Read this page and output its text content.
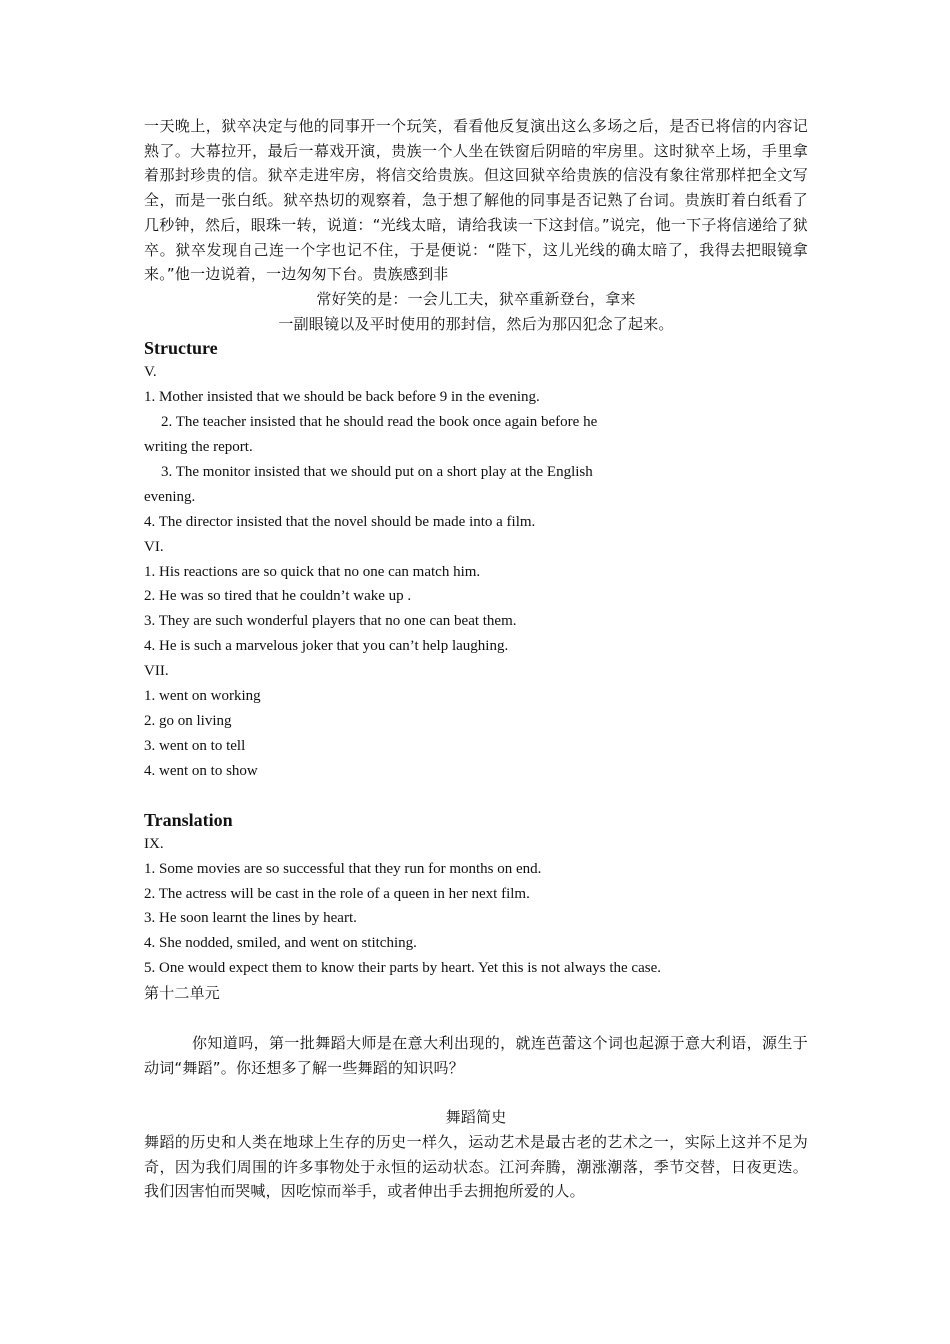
一天晚上，狱卒决定与他的同事开一个玩笑，看看他反复演出这么多场之后，是否已将信的内容记熟了。大幕拉开，最后一幕戏开演，贵族一个人坐在铁窗后阴暗的牢房里。这时狱卒上场，手里拿着那封珍贵的信。狱卒走进牢房，将信交给贵族。但这回狱卒给贵族的信没有象往常那样把全文写全，而是一张白纸。狱卒热切的观察着，急于想了解他的同事是否记熟了台词。贵族盯着白纸看了几秒钟，然后，眼珠一转，说道：“光线太暗，请给我读一下这封信。”说完，他一下子将信递给了狱卒。狱卒发现自己连一个字也记不住，于是便说：“陛下，这儿光线的确太暗了，我得去把眼镜拿来。”他一边说着，一边匆匆下台。贵族感到非

常好笑的是：一会儿工夫，狱卒重新登台，拿来

一副眼镜以及平时使用的那封信，然后为那囚犯念了起来。

Structure

V.

1. Mother insisted that we should be back before 9 in the evening.

2. The teacher insisted that he should read the book once again before he

writing the report.

3. The monitor insisted that we should put on a short play at the English

evening.

4. The director insisted that the novel should be made into a film.

VI.

1. His reactions are so quick that no one can match him.

2. He was so tired that he couldn’t wake up .

3. They are such wonderful players that no one can beat them.

4. He is such a marvelous joker that you can’t help laughing.

VII.

1. went on working

2. go on living

3. went on to tell

4. went on to show

Translation

IX.

1. Some movies are so successful that they run for months on end.

2. The actress will be cast in the role of a queen in her next film.

3. He soon learnt the lines by heart.

4. She nodded, smiled, and went on stitching.

5. One would expect them to know their parts by heart. Yet this is not always the case.

第十二单元

你知道吗，第一批舞蹈大师是在意大利出现的，就连芭蕾这个词也起源于意大利语，源生于动词“舞蹈”。你还想多了解一些舞蹈的知识吗？

舞蹈简史

舞蹈的历史和人类在地球上生存的历史一样久，运动艺术是最古老的艺术之一，实际上这并不足为奇，因为我们周围的许多事物处于永恒的运动状态。江河奔腾，潮涨潮落，季节交替，日夜更迭。我们因害怕而哭喊，因吃惊而举手，或者伸出手去拥抱所爱的人。
